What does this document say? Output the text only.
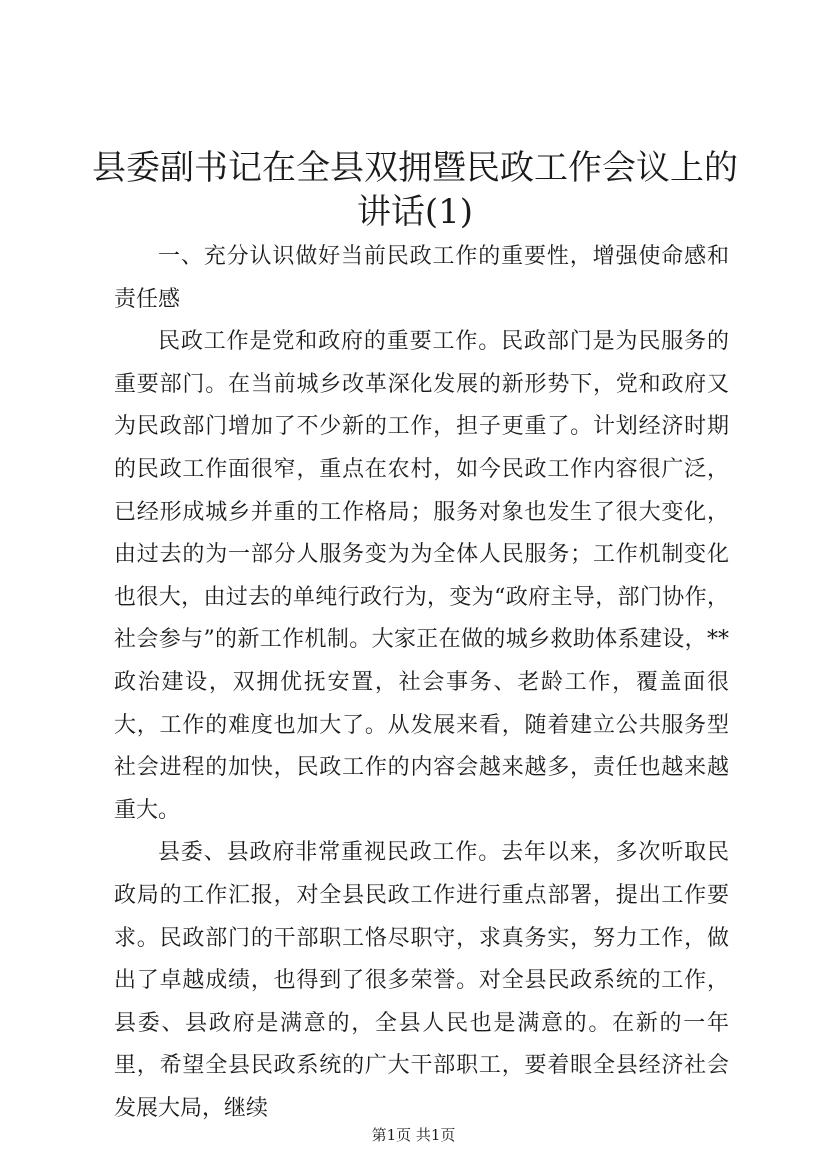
县委副书记在全县双拥暨民政工作会议上的讲话(1)

一、充分认识做好当前民政工作的重要性，增强使命感和责任感

民政工作是党和政府的重要工作。民政部门是为民服务的重要部门。在当前城乡改革深化发展的新形势下，党和政府又为民政部门增加了不少新的工作，担子更重了。计划经济时期的民政工作面很窄，重点在农村，如今民政工作内容很广泛，已经形成城乡并重的工作格局；服务对象也发生了很大变化，由过去的为一部分人服务变为为全体人民服务；工作机制变化也很大，由过去的单纯行政行为，变为“政府主导，部门协作，社会参与”的新工作机制。大家正在做的城乡救助体系建设，**政治建设，双拥优抚安置，社会事务、老龄工作，覆盖面很大，工作的难度也加大了。从发展来看，随着建立公共服务型社会进程的加快，民政工作的内容会越来越多，责任也越来越重大。

县委、县政府非常重视民政工作。去年以来，多次听取民政局的工作汇报，对全县民政工作进行重点部署，提出工作要求。民政部门的干部职工恪尽职守，求真务实，努力工作，做出了卓越成绩，也得到了很多荣誉。对全县民政系统的工作，县委、县政府是满意的，全县人民也是满意的。在新的一年里，希望全县民政系统的广大干部职工，要着眼全县经济社会发展大局，继续

第1页 共1页
